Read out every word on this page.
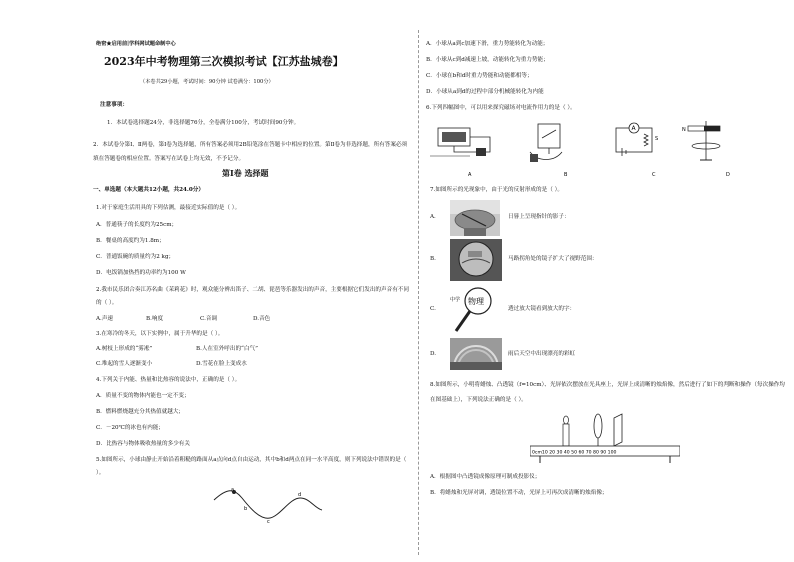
绝密★启用前|学科网试题命制中心
2023年中考物理第三次模拟考试【江苏盐城卷】
（本卷共29小题，考试时间：90分钟 试卷满分：100分）
注意事项：
1．本试卷选择题24分，非选择题76分，全卷满分100分，考试时间90分钟。
2．本试卷分第Ⅰ、Ⅱ两卷，第Ⅰ卷为选择题，所有答案必须用2B铅笔涂在答题卡中相应的位置。第Ⅱ卷为非选择题，所有答案必须填在答题卷的相应位置。答案写在试卷上均无效，不予记分。
第Ⅰ卷 选择题
一、单选题（本大题共12小题，共24.0分）
1.对于家庭生活用具的下列估测，最接近实际值的是（ ）。
A．普通筷子的长度约为25cm；
B．餐桌的高度约为1.8m；
C．普通饭碗的质量约为2 kg；
D．电饭锅加热挡的功率约为100 W
2.我市民乐团合奏江苏名曲《茉莉花》时，观众能分辨出笛子、二胡、琵琶等乐器发出的声音，主要根据它们发出的声音有不同的（ ）。
A.声速	B.响度	C.音调	D.音色
3.在寒冷的冬天，以下实例中，属于升华的是（ ）。
A.树枝上形成的“雾凇”	B.人在室外呼出的“白气”
C.堆起的雪人逐渐变小	D.雪花在脸上变成水
4.下列关于内能、热量和比热容的说法中，正确的是（ ）。
A．质量不变的物体内能也一定不变；
B．燃料燃烧越充分其热值就越大；
C．－20℃的冰也有内能；
D．比热容与物体吸收热量的多少有关
5.如图所示，小球由静止开始沿着粗糙的路面从a点向d点自由运动，其中b和d两点在同一水平高度，则下列说法中错误的是（ ）。
a
b
c
d
A．小球从a到c加速下滑，重力势能转化为动能；
B．小球从c到d减速上坡，动能转化为重力势能；
C．小球在b和d时重力势能和动能都相等；
D．小球从a到d的过程中部分机械能转化为内能
6.下列四幅图中，可以用来探究磁场对电流作用力的是（ ）。
A
S
N
A	B	C	D
7.如图所示的光现象中，由于光的反射形成的是（ ）。
A.	日晷上呈现指针的影子：
B.	马路拐角处的镜子扩大了视野范围：
C.
中学 物理
透过放大镜看到放大的字：
D.	雨后天空中出现漂亮的彩虹
8.如图所示，小明将蜡烛、凸透镜（f=10cm）、光屏依次摆放在光具座上，光屏上成清晰的烛焰像，然后进行了如下的判断和操作（每次操作均在图基础上），下列说法正确的是（ ）。
0cm10 20 30 40 50 60 70 80 90 100
A．根据图中凸透镜成像原理可制成投影仪；
B．将蜡烛和光屏对调，透镜位置不动，光屏上可再次成清晰的烛焰像；
